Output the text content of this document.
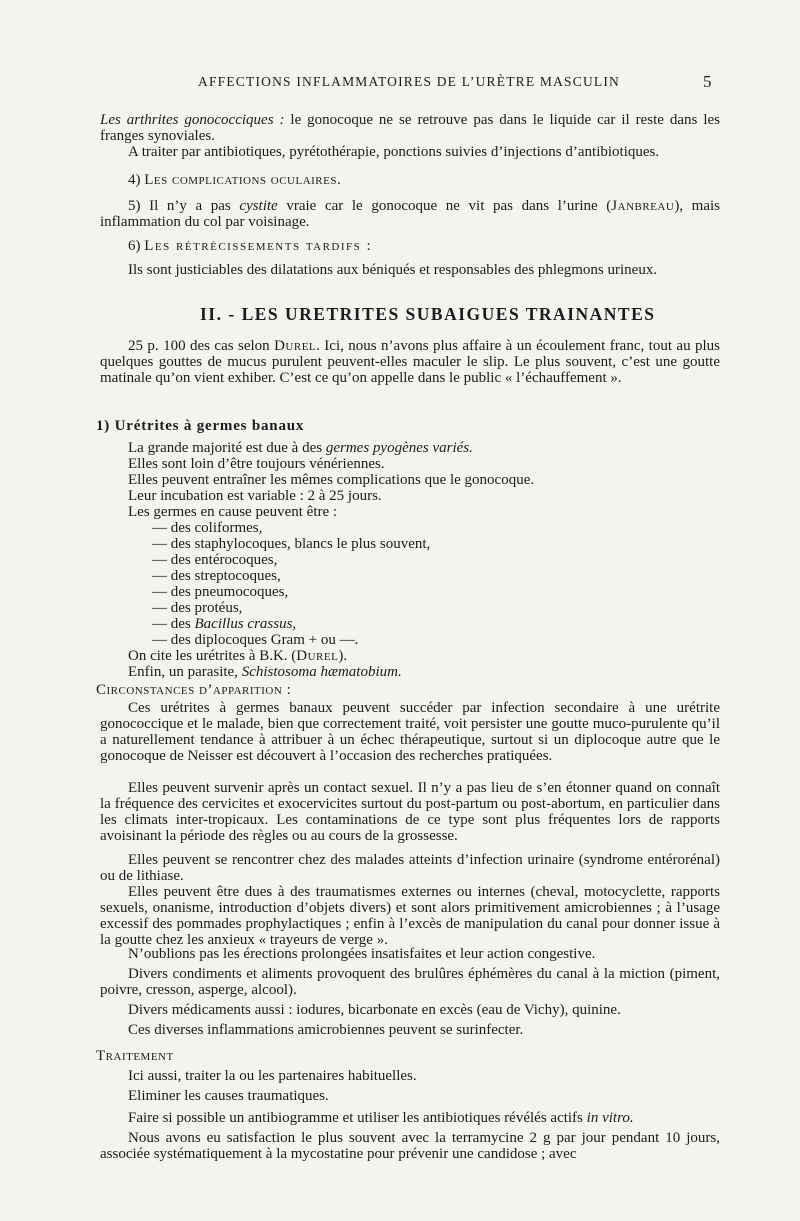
AFFECTIONS INFLAMMATOIRES DE L’URÈTRE MASCULIN	5
Les arthrites gonococciques : le gonocoque ne se retrouve pas dans le liquide car il reste dans les franges synoviales.
A traiter par antibiotiques, pyrétothérapie, ponctions suivies d’injections d’antibiotiques.
4) Les complications oculaires.
5) Il n’y a pas cystite vraie car le gonocoque ne vit pas dans l’urine (Janbreau), mais inflammation du col par voisinage.
6) Les rétrécissements tardifs :
Ils sont justiciables des dilatations aux béniqués et responsables des phlegmons urineux.
II. - LES URETRITES SUBAIGUES TRAINANTES
25 p. 100 des cas selon Durel. Ici, nous n’avons plus affaire à un écoulement franc, tout au plus quelques gouttes de mucus purulent peuvent-elles maculer le slip. Le plus souvent, c’est une goutte matinale qu’on vient exhiber. C’est ce qu’on appelle dans le public « l’échauffement ».
1) Urétrites à germes banaux
La grande majorité est due à des germes pyogènes variés.
Elles sont loin d’être toujours vénériennes.
Elles peuvent entraîner les mêmes complications que le gonocoque.
Leur incubation est variable : 2 à 25 jours.
Les germes en cause peuvent être :
— des coliformes,
— des staphylocoques, blancs le plus souvent,
— des entérocoques,
— des streptocoques,
— des pneumocoques,
— des protéus,
— des Bacillus crassus,
— des diplocoques Gram + ou —.
On cite les urétrites à B.K. (Durel).
Enfin, un parasite, Schistosoma hæmatobium.
Circonstances d’apparition :
Ces urétrites à germes banaux peuvent succéder par infection secondaire à une urétrite gonococcique et le malade, bien que correctement traité, voit persister une goutte muco-purulente qu’il a naturellement tendance à attribuer à un échec thérapeutique, surtout si un diplocoque autre que le gonocoque de Neisser est découvert à l’occasion des recherches pratiquées.
Elles peuvent survenir après un contact sexuel. Il n’y a pas lieu de s’en étonner quand on connaît la fréquence des cervicites et exocervicites surtout du post-partum ou post-abortum, en particulier dans les climats inter-tropicaux. Les contaminations de ce type sont plus fréquentes lors de rapports avoisinant la période des règles ou au cours de la grossesse.
Elles peuvent se rencontrer chez des malades atteints d’infection urinaire (syndrome entérorénal) ou de lithiase.
Elles peuvent être dues à des traumatismes externes ou internes (cheval, motocyclette, rapports sexuels, onanisme, introduction d’objets divers) et sont alors primitivement amicrobiennes ; à l’usage excessif des pommades prophylactiques ; enfin à l’excès de manipulation du canal pour donner issue à la goutte chez les anxieux « trayeurs de verge ».
N’oublions pas les érections prolongées insatisfaites et leur action congestive.
Divers condiments et aliments provoquent des brulûres éphémères du canal à la miction (piment, poivre, cresson, asperge, alcool).
Divers médicaments aussi : iodures, bicarbonate en excès (eau de Vichy), quinine.
Ces diverses inflammations amicrobiennes peuvent se surinfecter.
Traitement
Ici aussi, traiter la ou les partenaires habituelles.
Eliminer les causes traumatiques.
Faire si possible un antibiogramme et utiliser les antibiotiques révélés actifs in vitro.
Nous avons eu satisfaction le plus souvent avec la terramycine 2 g par jour pendant 10 jours, associée systématiquement à la mycostatine pour prévenir une candidose ; avec
